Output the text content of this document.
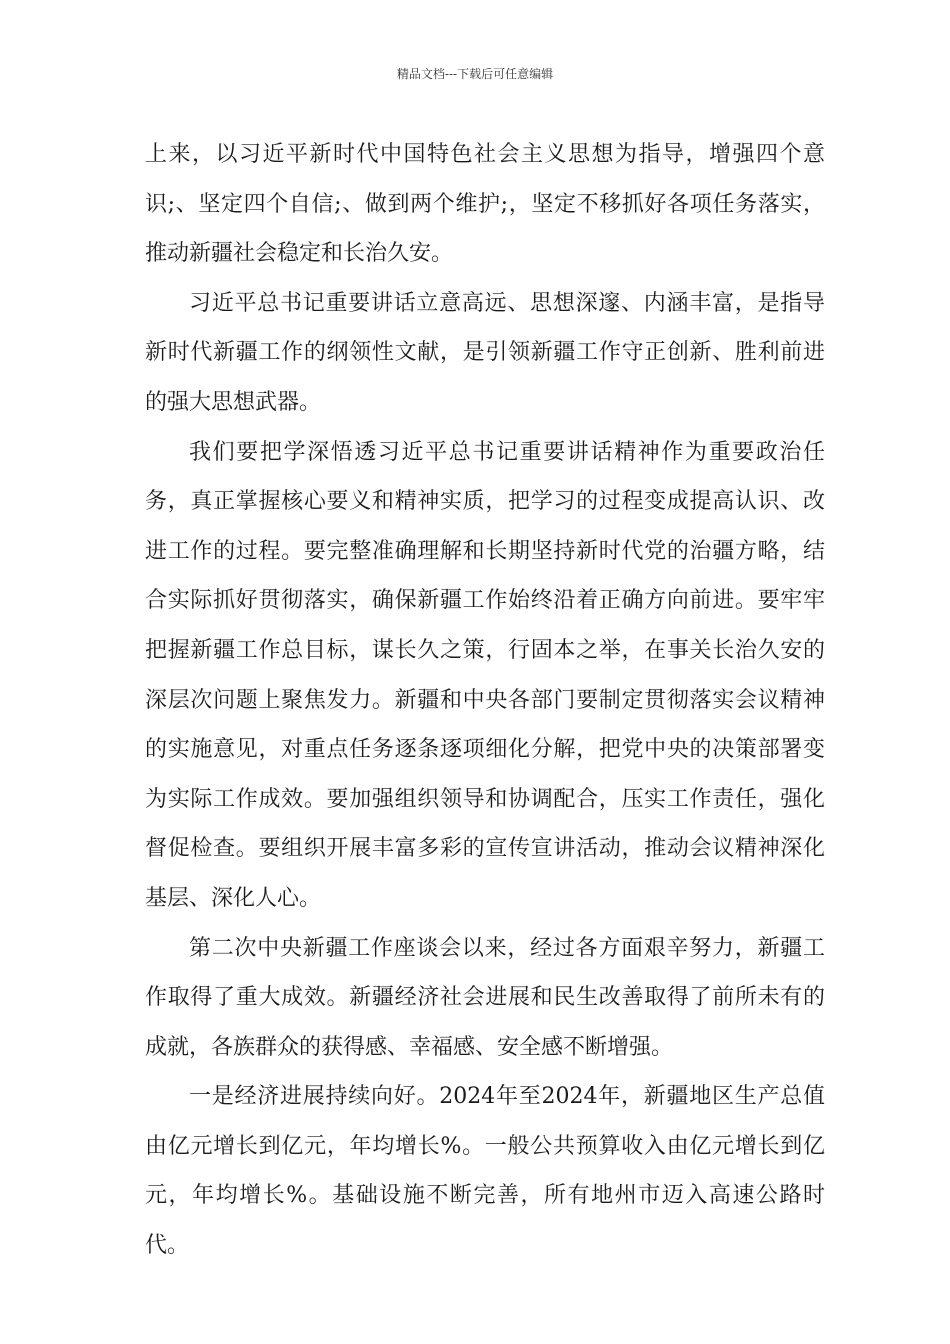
精品文档---下载后可任意编辑

上来，以习近平新时代中国特色社会主义思想为指导，增强四个意识;、坚定四个自信;、做到两个维护;，坚定不移抓好各项任务落实，推动新疆社会稳定和长治久安。

习近平总书记重要讲话立意高远、思想深邃、内涵丰富，是指导新时代新疆工作的纲领性文献，是引领新疆工作守正创新、胜利前进的强大思想武器。

我们要把学深悟透习近平总书记重要讲话精神作为重要政治任务，真正掌握核心要义和精神实质，把学习的过程变成提高认识、改进工作的过程。要完整准确理解和长期坚持新时代党的治疆方略，结合实际抓好贯彻落实，确保新疆工作始终沿着正确方向前进。要牢牢把握新疆工作总目标，谋长久之策，行固本之举，在事关长治久安的深层次问题上聚焦发力。新疆和中央各部门要制定贯彻落实会议精神的实施意见，对重点任务逐条逐项细化分解，把党中央的决策部署变为实际工作成效。要加强组织领导和协调配合，压实工作责任，强化督促检查。要组织开展丰富多彩的宣传宣讲活动，推动会议精神深化基层、深化人心。

第二次中央新疆工作座谈会以来，经过各方面艰辛努力，新疆工作取得了重大成效。新疆经济社会进展和民生改善取得了前所未有的成就，各族群众的获得感、幸福感、安全感不断增强。

一是经济进展持续向好。2024年至2024年，新疆地区生产总值由亿元增长到亿元，年均增长%。一般公共预算收入由亿元增长到亿元，年均增长%。基础设施不断完善，所有地州市迈入高速公路时代。
